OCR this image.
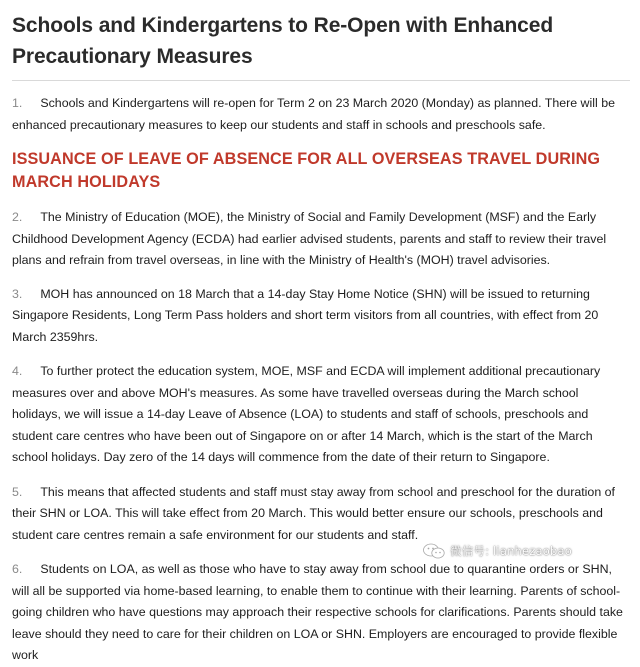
Schools and Kindergartens to Re-Open with Enhanced Precautionary Measures

1. Schools and Kindergartens will re-open for Term 2 on 23 March 2020 (Monday) as planned. There will be enhanced precautionary measures to keep our students and staff in schools and preschools safe.

ISSUANCE OF LEAVE OF ABSENCE FOR ALL OVERSEAS TRAVEL DURING MARCH HOLIDAYS

2. The Ministry of Education (MOE), the Ministry of Social and Family Development (MSF) and the Early Childhood Development Agency (ECDA) had earlier advised students, parents and staff to review their travel plans and refrain from travel overseas, in line with the Ministry of Health's (MOH) travel advisories.

3. MOH has announced on 18 March that a 14-day Stay Home Notice (SHN) will be issued to returning Singapore Residents, Long Term Pass holders and short term visitors from all countries, with effect from 20 March 2359hrs.

4. To further protect the education system, MOE, MSF and ECDA will implement additional precautionary measures over and above MOH's measures. As some have travelled overseas during the March school holidays, we will issue a 14-day Leave of Absence (LOA) to students and staff of schools, preschools and student care centres who have been out of Singapore on or after 14 March, which is the start of the March school holidays. Day zero of the 14 days will commence from the date of their return to Singapore.

5. This means that affected students and staff must stay away from school and preschool for the duration of their SHN or LOA. This will take effect from 20 March. This would better ensure our schools, preschools and student care centres remain a safe environment for our students and staff.

6. Students on LOA, as well as those who have to stay away from school due to quarantine orders or SHN, will all be supported via home-based learning, to enable them to continue with their learning. Parents of school-going children who have questions may approach their respective schools for clarifications. Parents should take leave should they need to care for their children on LOA or SHN. Employers are encouraged to provide flexible work

微信号: lianhezaobao
